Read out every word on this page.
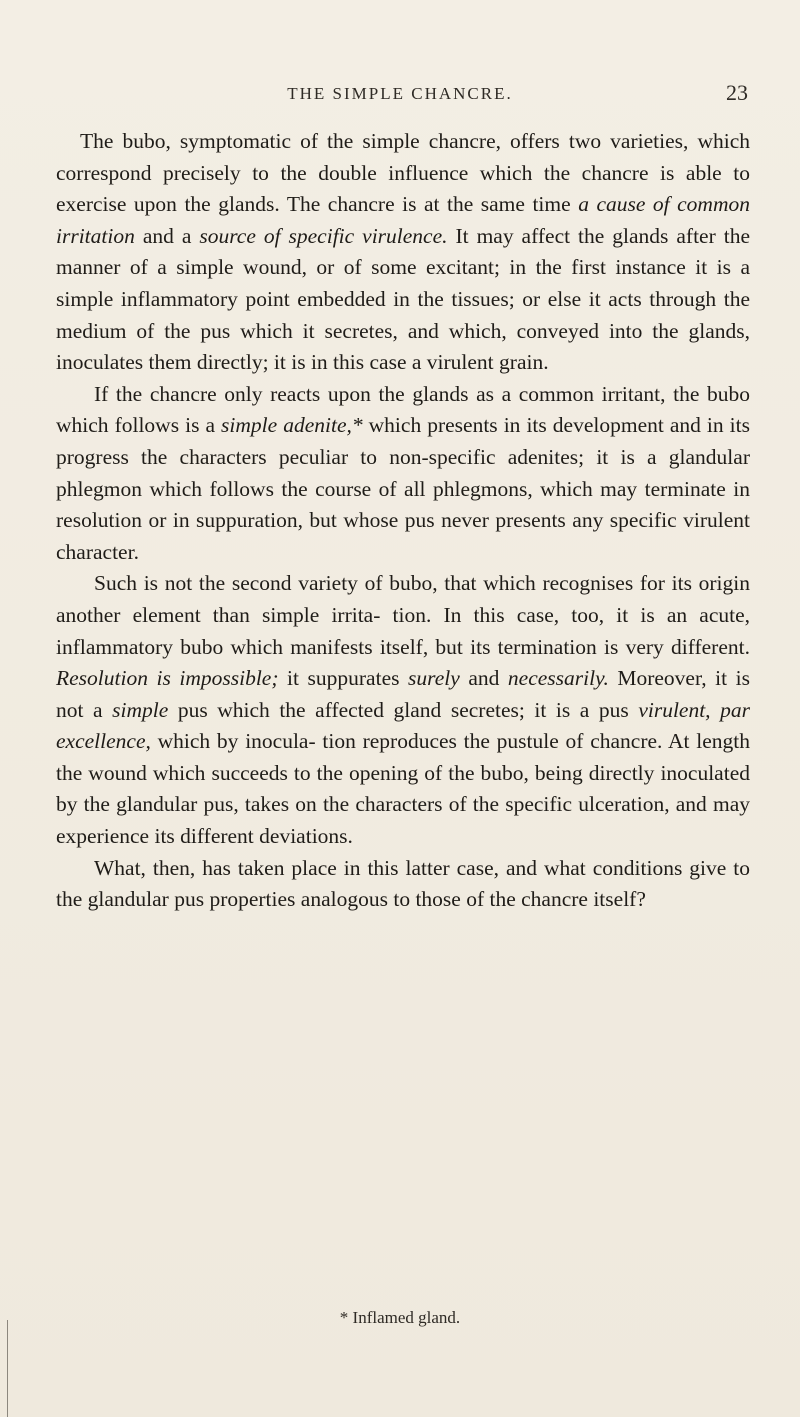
THE SIMPLE CHANCRE.	23

The bubo, symptomatic of the simple chancre, offers two varieties, which correspond precisely to the double influence which the chancre is able to exercise upon the glands. The chancre is at the same time a cause of common irritation and a source of specific virulence. It may affect the glands after the manner of a simple wound, or of some excitant; in the first instance it is a simple inflammatory point embedded in the tissues; or else it acts through the medium of the pus which it secretes, and which, conveyed into the glands, inoculates them directly; it is in this case a virulent grain.

If the chancre only reacts upon the glands as a common irritant, the bubo which follows is a simple adenite,* which presents in its development and in its progress the characters peculiar to non-specific adenites; it is a glandular phlegmon which follows the course of all phlegmons, which may terminate in resolution or in suppuration, but whose pus never presents any specific virulent character.

Such is not the second variety of bubo, that which recognises for its origin another element than simple irrita- tion. In this case, too, it is an acute, inflammatory bubo which manifests itself, but its termination is very different. Resolution is impossible; it suppurates surely and necessarily. Moreover, it is not a simple pus which the affected gland secretes; it is a pus virulent, par excellence, which by inocula- tion reproduces the pustule of chancre. At length the wound which succeeds to the opening of the bubo, being directly inoculated by the glandular pus, takes on the characters of the specific ulceration, and may experience its different deviations.

What, then, has taken place in this latter case, and what conditions give to the glandular pus properties analogous to those of the chancre itself?

* Inflamed gland.
